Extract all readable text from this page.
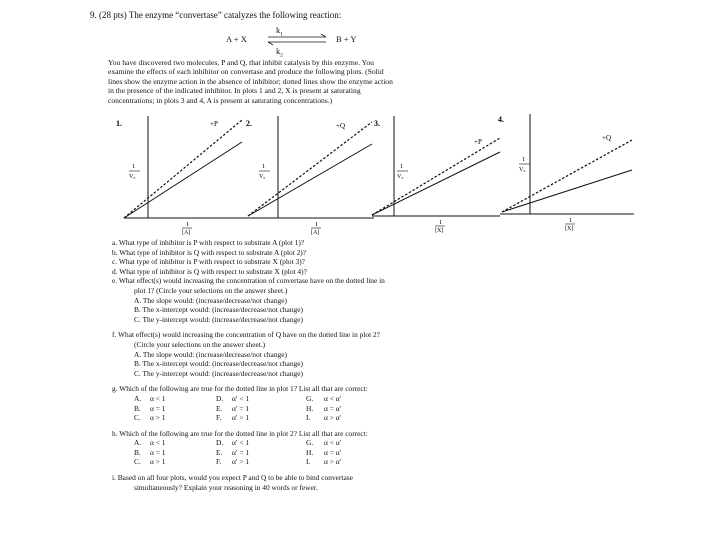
9. (28 pts) The enzyme “convertase” catalyzes the following reaction:
A + X
$k_1$
$k_2$
B + Y
You have discovered two molecules, P and Q, that inhibit catalysis by this enzyme. You
examine the effects of each inhibitor on convertase and produce the following plots. (Solid
lines show the enzyme action in the absence of inhibitor; dotted lines show the enzyme action
in the presence of the indicated inhibitor. In plots 1 and 2, X is present at saturating
concentrations; in plots 3 and 4, A is present at saturating concentrations.)
1.	+P
1
V₀
1
[A]
2.	+Q
1
V₀
1
[A]
3.
+P
1
V₀
1
[X]
4.
+Q
1
V₀
1
[X]
a. What type of inhibitor is P with respect to substrate A (plot 1)?
b. What type of inhibitor is Q with respect to substrate A (plot 2)?
c. What type of inhibitor is P with respect to substrate X (plot 3)?
d. What type of inhibitor is Q with respect to substrate X (plot 4)?
e. What effect(s) would increasing the concentration of convertase have on the dotted line in
plot 1? (Circle your selections on the answer sheet.)
A. The slope would: (increase/decrease/not change)
B. The x-intercept would: (increase/decrease/not change)
C. The y-intercept would: (increase/decrease/not change)
f. What effect(s) would increasing the concentration of Q have on the dotted line in plot 2?
(Circle your selections on the answer sheet.)
A. The slope would: (increase/decrease/not change)
B. The x-intercept would: (increase/decrease/not change)
C. The y-intercept would: (increase/decrease/not change)
g. Which of the following are true for the dotted line in plot 1? List all that are correct:
A. α < 1	D. α′ < 1	G. α < α′
B. α = 1	E. α′ = 1	H. α = α′
C. α > 1	F. α′ > 1	I. α > α′
h. Which of the following are true for the dotted line in plot 2? List all that are correct:
A. α < 1	D. α′ < 1	G. α < α′
B. α = 1	E. α′ = 1	H. α = α′
C. α > 1	F. α′ > 1	I. α > α′
i. Based on all four plots, would you expect P and Q to be able to bind convertase
simultaneously? Explain your reasoning in 40 words or fewer.
